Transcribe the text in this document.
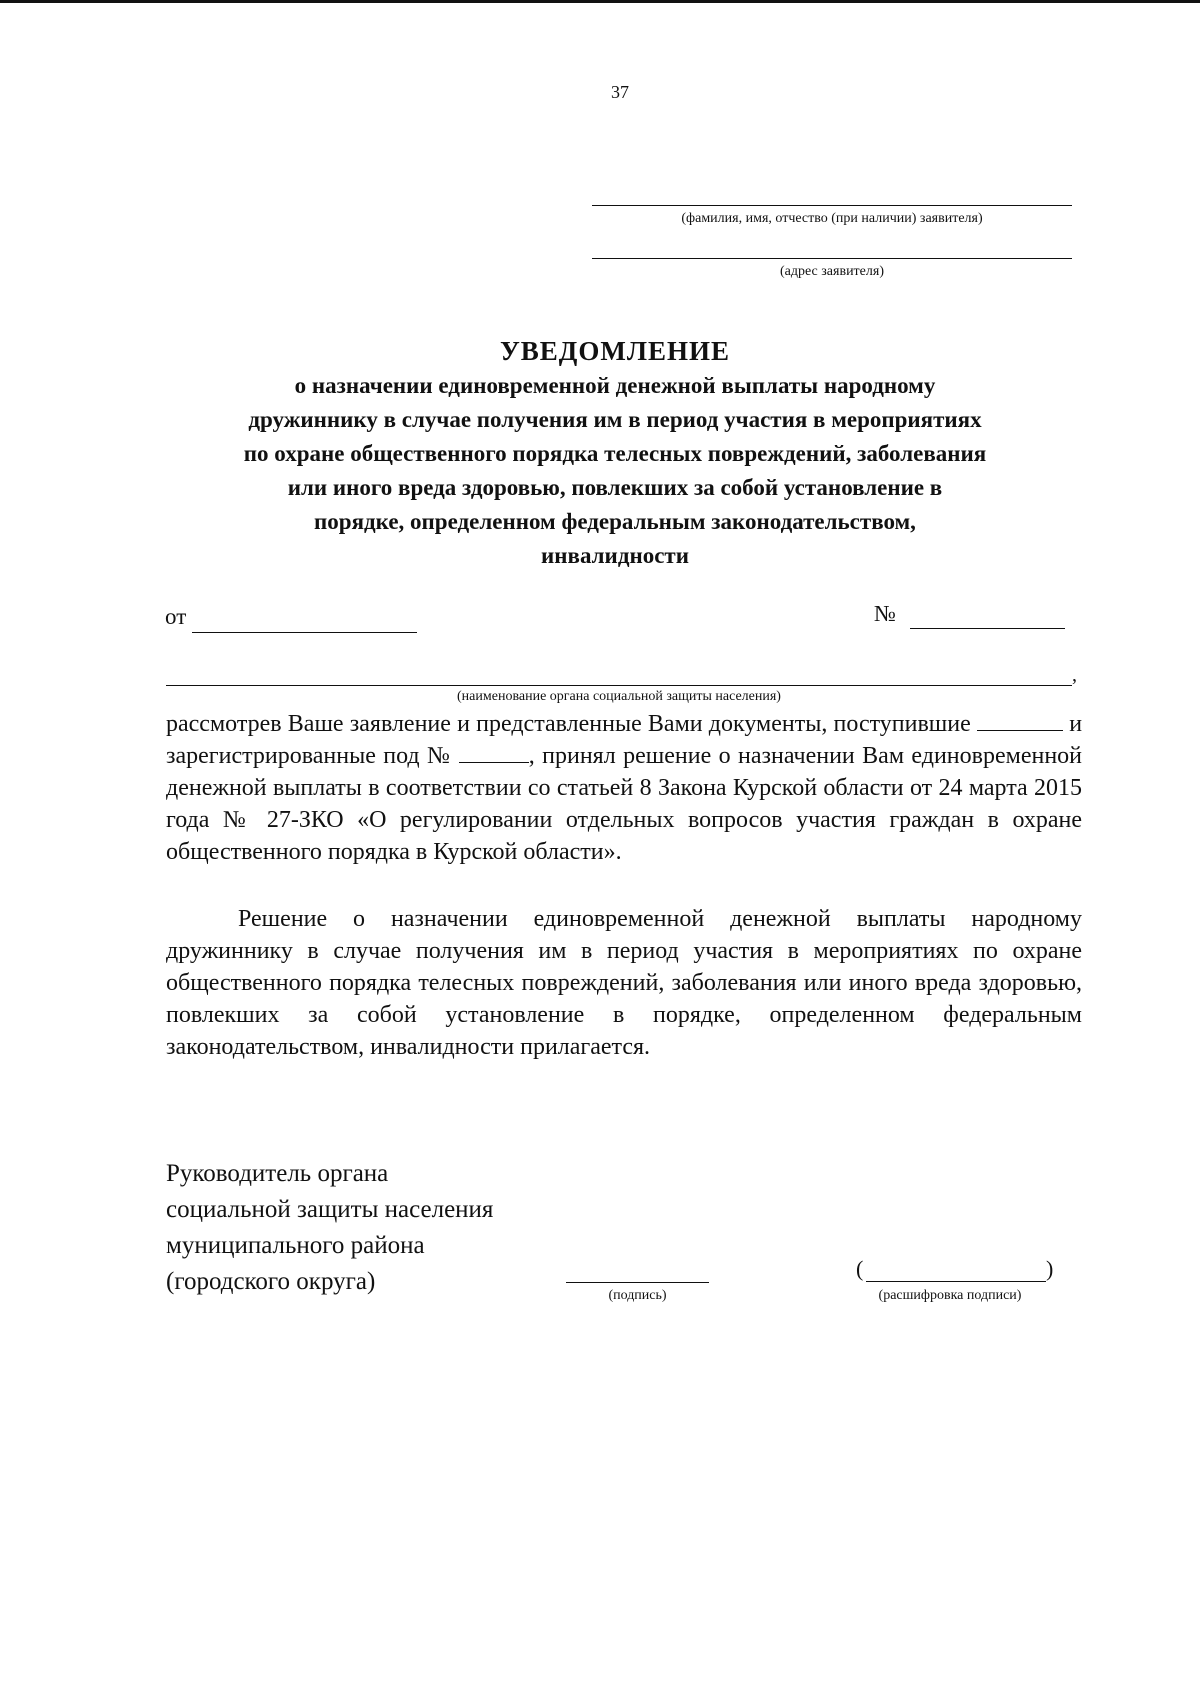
37
(фамилия, имя, отчество (при наличии) заявителя)
(адрес заявителя)
УВЕДОМЛЕНИЕ
о назначении единовременной денежной выплаты народному
дружиннику в случае получения им в период участия в мероприятиях
по охране общественного порядка телесных повреждений, заболевания
или иного вреда здоровью, повлекших за собой установление в
порядке, определенном федеральным законодательством,
инвалидности
от	№
,
(наименование органа социальной защиты населения)
рассмотрев Ваше заявление и представленные Вами документы, поступившие	и зарегистрированные под №	, принял решение о назначении Вам единовременной денежной выплаты в соответствии со статьей 8 Закона Курской области от 24 марта 2015 года № 27-ЗКО «О регулировании отдельных вопросов участия граждан в охране общественного порядка в Курской области».
Решение о назначении единовременной денежной выплаты народному дружиннику в случае получения им в период участия в мероприятиях по охране общественного порядка телесных повреждений, заболевания или иного вреда здоровью, повлекших за собой установление в порядке, определенном федеральным законодательством, инвалидности прилагается.
Руководитель органа
социальной защиты населения
муниципального района
(городского округа)
(подпись)
(	)
(расшифровка подписи)
